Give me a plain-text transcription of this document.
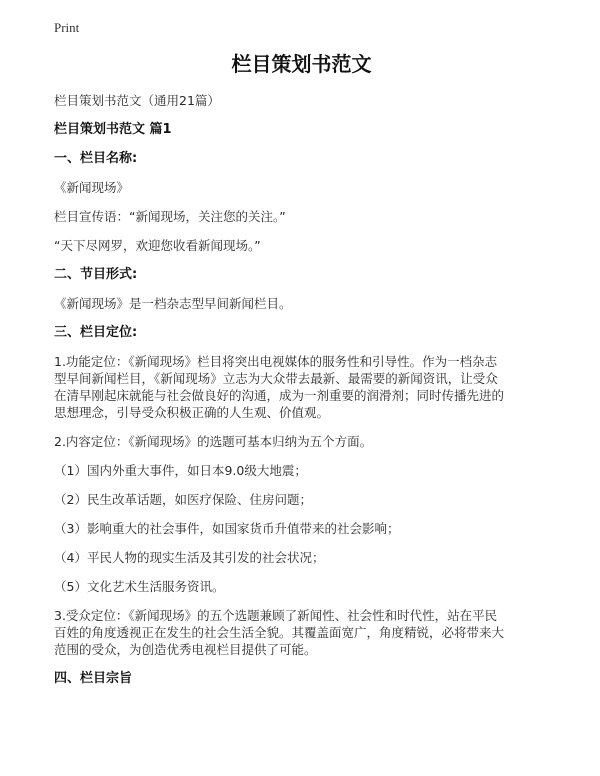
Print
栏目策划书范文

栏目策划书范文（通用21篇）

栏目策划书范文 篇1

一、栏目名称:

《新闻现场》

栏目宣传语：“新闻现场，关注您的关注。”

“天下尽网罗，欢迎您收看新闻现场。”

二、节目形式:

《新闻现场》是一档杂志型早间新闻栏目。

三、栏目定位:

1.功能定位：《新闻现场》栏目将突出电视媒体的服务性和引导性。作为一档杂志
型早间新闻栏目，《新闻现场》立志为大众带去最新、最需要的新闻资讯，让受众
在清早刚起床就能与社会做良好的沟通，成为一剂重要的润滑剂；同时传播先进的
思想理念，引导受众积极正确的人生观、价值观。

2.内容定位：《新闻现场》的选题可基本归纳为五个方面。

（1）国内外重大事件，如日本9.0级大地震；

（2）民生改革话题，如医疗保险、住房问题；

（3）影响重大的社会事件，如国家货币升值带来的社会影响；

（4）平民人物的现实生活及其引发的社会状况；

（5）文化艺术生活服务资讯。

3.受众定位：《新闻现场》的五个选题兼顾了新闻性、社会性和时代性，站在平民
百姓的角度透视正在发生的社会生活全貌。其覆盖面宽广，角度精锐，必将带来大
范围的受众，为创造优秀电视栏目提供了可能。

四、栏目宗旨
